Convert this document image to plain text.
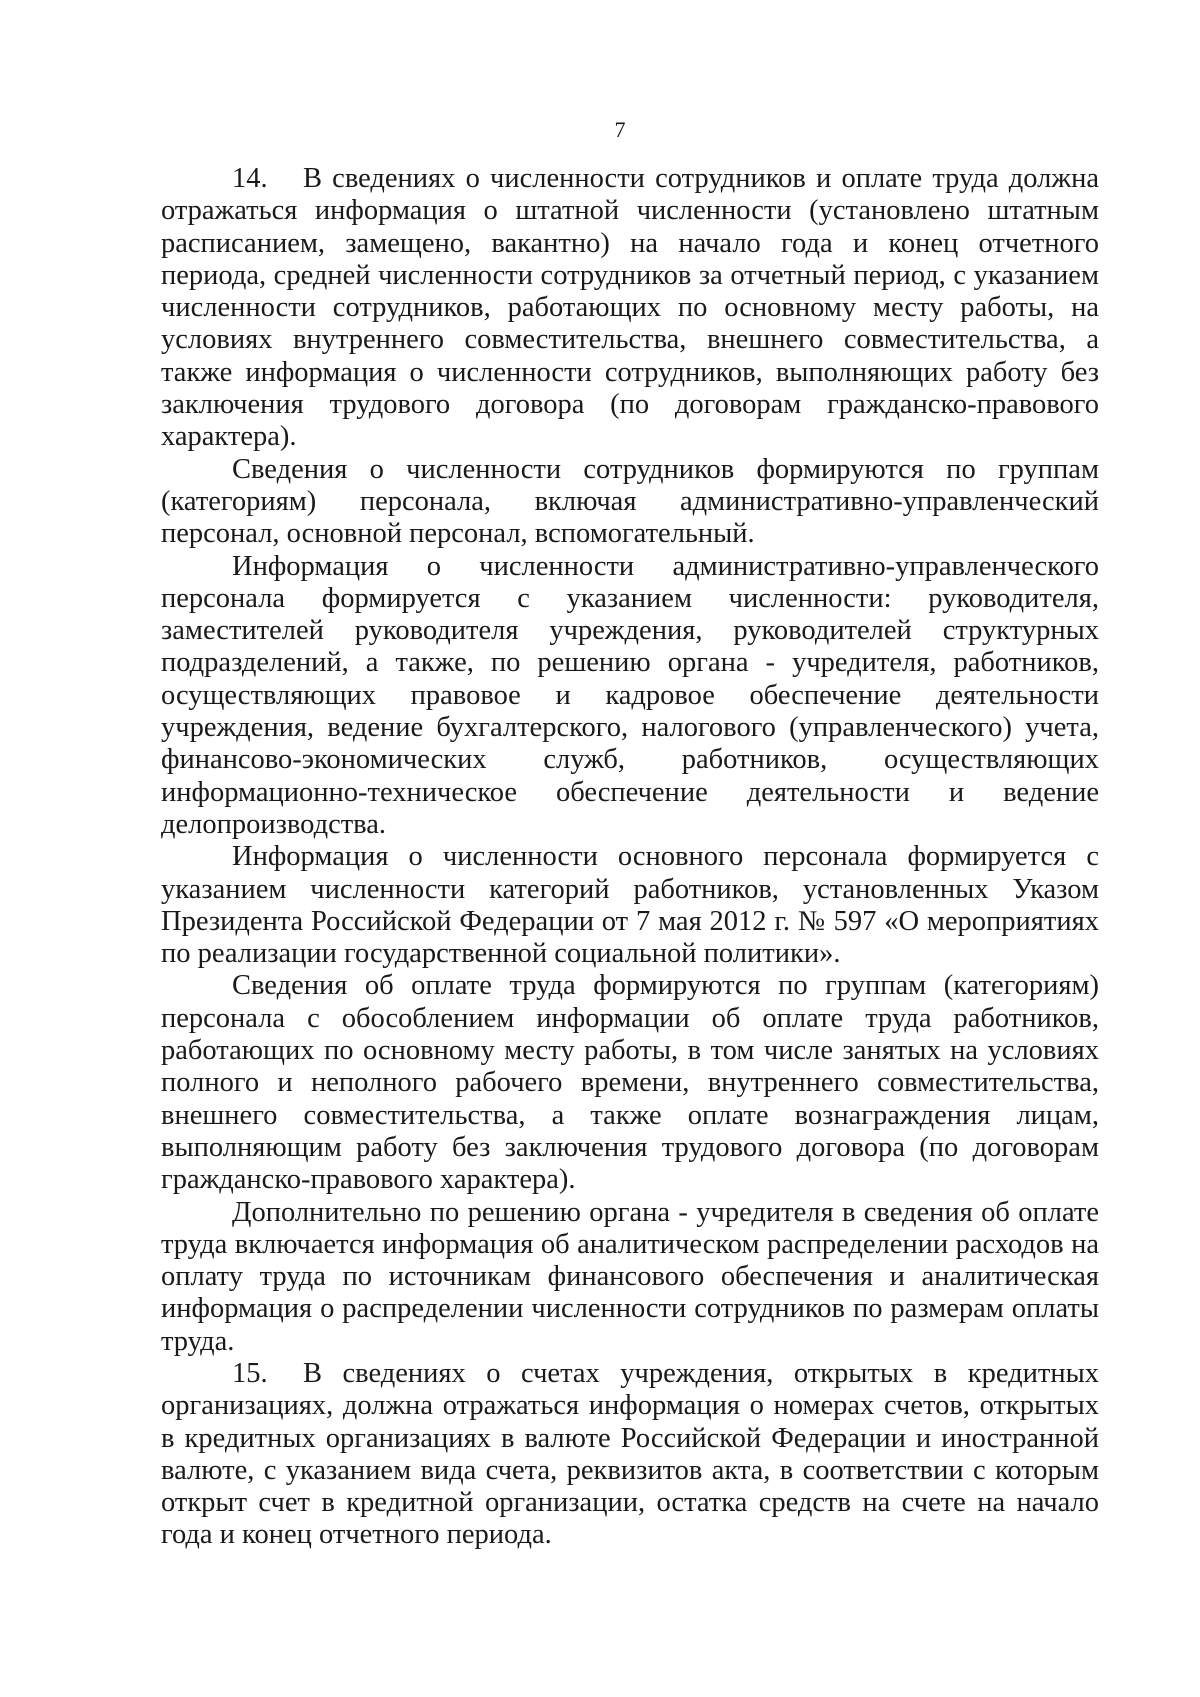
7

14. В сведениях о численности сотрудников и оплате труда должна отражаться информация о штатной численности (установлено штатным расписанием, замещено, вакантно) на начало года и конец отчетного периода, средней численности сотрудников за отчетный период, с указанием численности сотрудников, работающих по основному месту работы, на условиях внутреннего совместительства, внешнего совместительства, а также информация о численности сотрудников, выполняющих работу без заключения трудового договора (по договорам гражданско-правового характера).

Сведения о численности сотрудников формируются по группам (категориям) персонала, включая административно-управленческий персонал, основной персонал, вспомогательный.

Информация о численности административно-управленческого персонала формируется с указанием численности: руководителя, заместителей руководителя учреждения, руководителей структурных подразделений, а также, по решению органа - учредителя, работников, осуществляющих правовое и кадровое обеспечение деятельности учреждения, ведение бухгалтерского, налогового (управленческого) учета, финансово-экономических служб, работников, осуществляющих информационно-техническое обеспечение деятельности и ведение делопроизводства.

Информация о численности основного персонала формируется с указанием численности категорий работников, установленных Указом Президента Российской Федерации от 7 мая 2012 г. № 597 «О мероприятиях по реализации государственной социальной политики».

Сведения об оплате труда формируются по группам (категориям) персонала с обособлением информации об оплате труда работников, работающих по основному месту работы, в том числе занятых на условиях полного и неполного рабочего времени, внутреннего совместительства, внешнего совместительства, а также оплате вознаграждения лицам, выполняющим работу без заключения трудового договора (по договорам гражданско-правового характера).

Дополнительно по решению органа - учредителя в сведения об оплате труда включается информация об аналитическом распределении расходов на оплату труда по источникам финансового обеспечения и аналитическая информация о распределении численности сотрудников по размерам оплаты труда.

15. В сведениях о счетах учреждения, открытых в кредитных организациях, должна отражаться информация о номерах счетов, открытых в кредитных организациях в валюте Российской Федерации и иностранной валюте, с указанием вида счета, реквизитов акта, в соответствии с которым открыт счет в кредитной организации, остатка средств на счете на начало года и конец отчетного периода.
